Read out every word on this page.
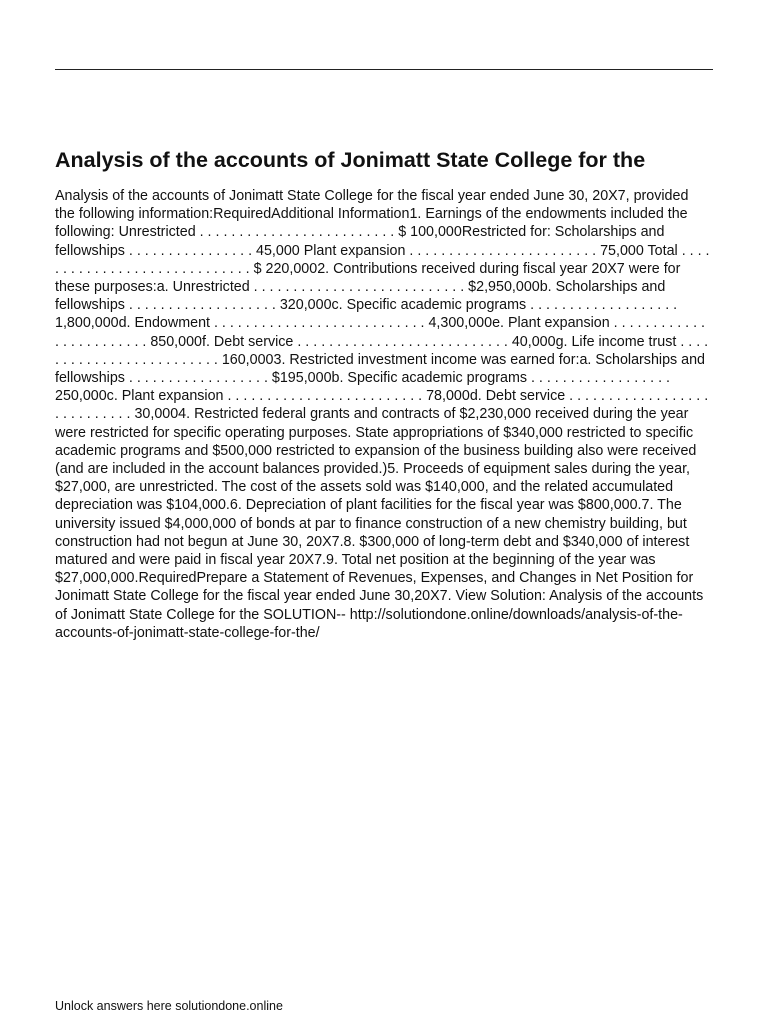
Analysis of the accounts of Jonimatt State College for the

Analysis of the accounts of Jonimatt State College for the fiscal year ended June 30, 20X7, provided the following information:RequiredAdditional Information1. Earnings of the endowments included the following: Unrestricted . . . . . . . . . . . . . . . . . . . . . . . . . $ 100,000Restricted for: Scholarships and fellowships . . . . . . . . . . . . . . . . 45,000 Plant expansion . . . . . . . . . . . . . . . . . . . . . . . . 75,000 Total . . . . . . . . . . . . . . . . . . . . . . . . . . . . . $ 220,0002. Contributions received during fiscal year 20X7 were for these purposes:a. Unrestricted . . . . . . . . . . . . . . . . . . . . . . . . . . . $2,950,000b. Scholarships and fellowships . . . . . . . . . . . . . . . . . . . 320,000c. Specific academic programs . . . . . . . . . . . . . . . . . . . 1,800,000d. Endowment . . . . . . . . . . . . . . . . . . . . . . . . . . . 4,300,000e. Plant expansion . . . . . . . . . . . . . . . . . . . . . . . . 850,000f. Debt service . . . . . . . . . . . . . . . . . . . . . . . . . . . 40,000g. Life income trust . . . . . . . . . . . . . . . . . . . . . . . . . 160,0003. Restricted investment income was earned for:a. Scholarships and fellowships . . . . . . . . . . . . . . . . . . $195,000b. Specific academic programs . . . . . . . . . . . . . . . . . . 250,000c. Plant expansion . . . . . . . . . . . . . . . . . . . . . . . . . 78,000d. Debt service . . . . . . . . . . . . . . . . . . . . . . . . . . . . 30,0004. Restricted federal grants and contracts of $2,230,000 received during the year were restricted for specific operating purposes. State appropriations of $340,000 restricted to specific academic programs and $500,000 restricted to expansion of the business building also were received (and are included in the account balances provided.)5. Proceeds of equipment sales during the year, $27,000, are unrestricted. The cost of the assets sold was $140,000, and the related accumulated depreciation was $104,000.6. Depreciation of plant facilities for the fiscal year was $800,000.7. The university issued $4,000,000 of bonds at par to finance construction of a new chemistry building, but construction had not begun at June 30, 20X7.8. $300,000 of long-term debt and $340,000 of interest matured and were paid in fiscal year 20X7.9. Total net position at the beginning of the year was $27,000,000.RequiredPrepare a Statement of Revenues, Expenses, and Changes in Net Position for Jonimatt State College for the fiscal year ended June 30,20X7. View Solution: Analysis of the accounts of Jonimatt State College for the SOLUTION-- http://solutiondone.online/downloads/analysis-of-the-accounts-of-jonimatt-state-college-for-the/

Unlock answers here solutiondone.online
